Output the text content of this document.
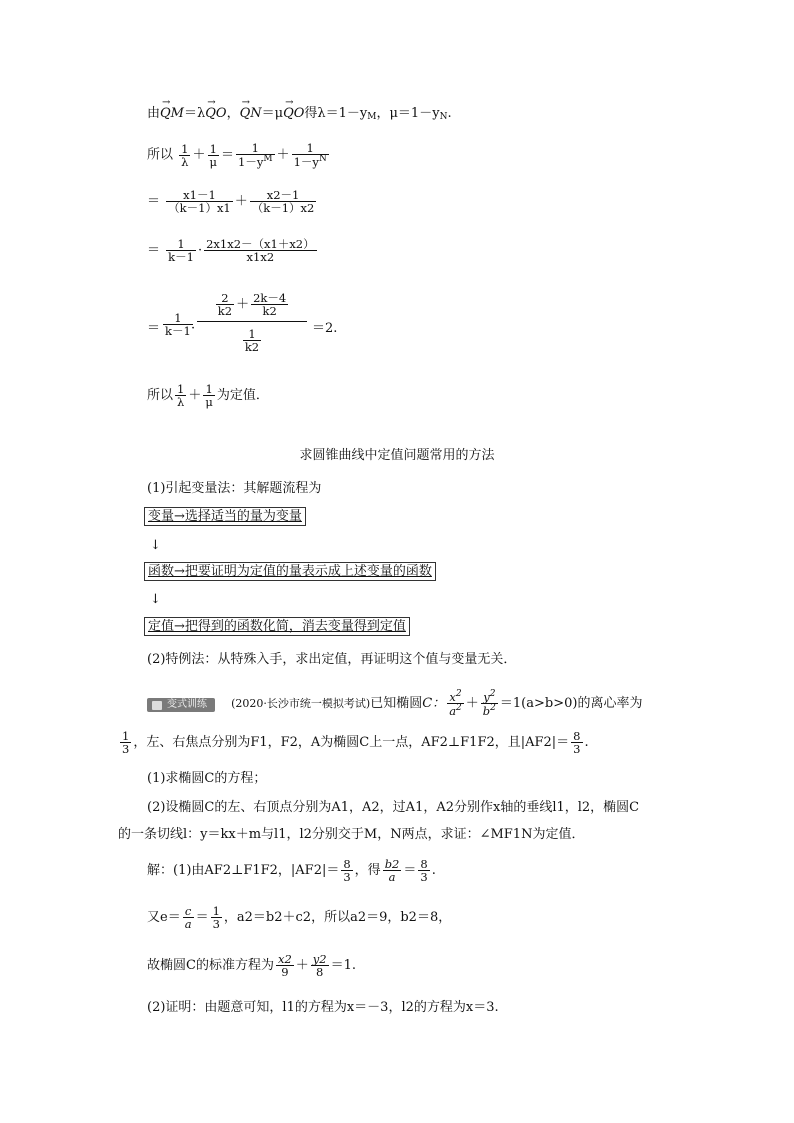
由→ QM＝λ→ QO，→ QN＝μ→ QO得$\lambda=1-y_M$，$\mu=1-y_N$.
所以 $\frac{1}{\lambda} + \frac{1}{\mu} = \frac{1}{1-y^M} + \frac{1}{1-y^N}$
＝ $\frac{x1-1}{(k-1)x1} + \frac{x2-1}{(k-1)x2}$
＝ $\frac{1}{k-1} \cdot \frac{2x1x2-(x1+x2)}{x1x2}$
＝ $\frac{1}{k-1}$
· $\frac{\frac{2}{k2} + \frac{2k-4}{k2}}{\frac{1}{k2}} =2$.
所以 $\frac{1}{\lambda} + \frac{1}{\mu}$ 为定值．
求圆锥曲线中定值问题常用的方法
(1)引起变量法：其解题流程为
变量→选择适当的量为变量
↓
函数→把要证明为定值的量表示成上述变量的函数
↓
定值→把得到的函数化简，消去变量得到定值
(2)特例法：从特殊入手，求出定值，再证明这个值与变量无关．
变式训练 (2020·长沙市统一模拟考试)已知椭圆C： $\frac{x^2}{a^2} + \frac{y^2}{b^2} =1(a>b>0)$的离心率为
$\frac{1}{3}$ ，左、右焦点分别为F1，F2，A为椭圆C上一点，AF2⊥F1F2，且$|AF2|= \frac{8}{3}$ .
(1)求椭圆C的方程；
(2)设椭圆C的左、右顶点分别为A1，A2，过A1，A2分别作x轴的垂线l1，l2，椭圆C
的一条切线l：y＝kx＋m与l1，l2分别交于M，N两点，求证：∠MF1N为定值．
解：(1)由AF2⊥F1F2，$|AF2|= \frac{8}{3}$ ，得 $\frac{b2}{a} = \frac{8}{3}$ .
又$e= \frac{c}{a} = \frac{1}{3}$ ，a2＝b2＋c2，所以a2＝9，b2＝8，
故椭圆C的标准方程为 $\frac{x2}{9} + \frac{y2}{8} =1$.
(2)证明：由题意可知，l1的方程为x＝－3，l2的方程为x＝3.
